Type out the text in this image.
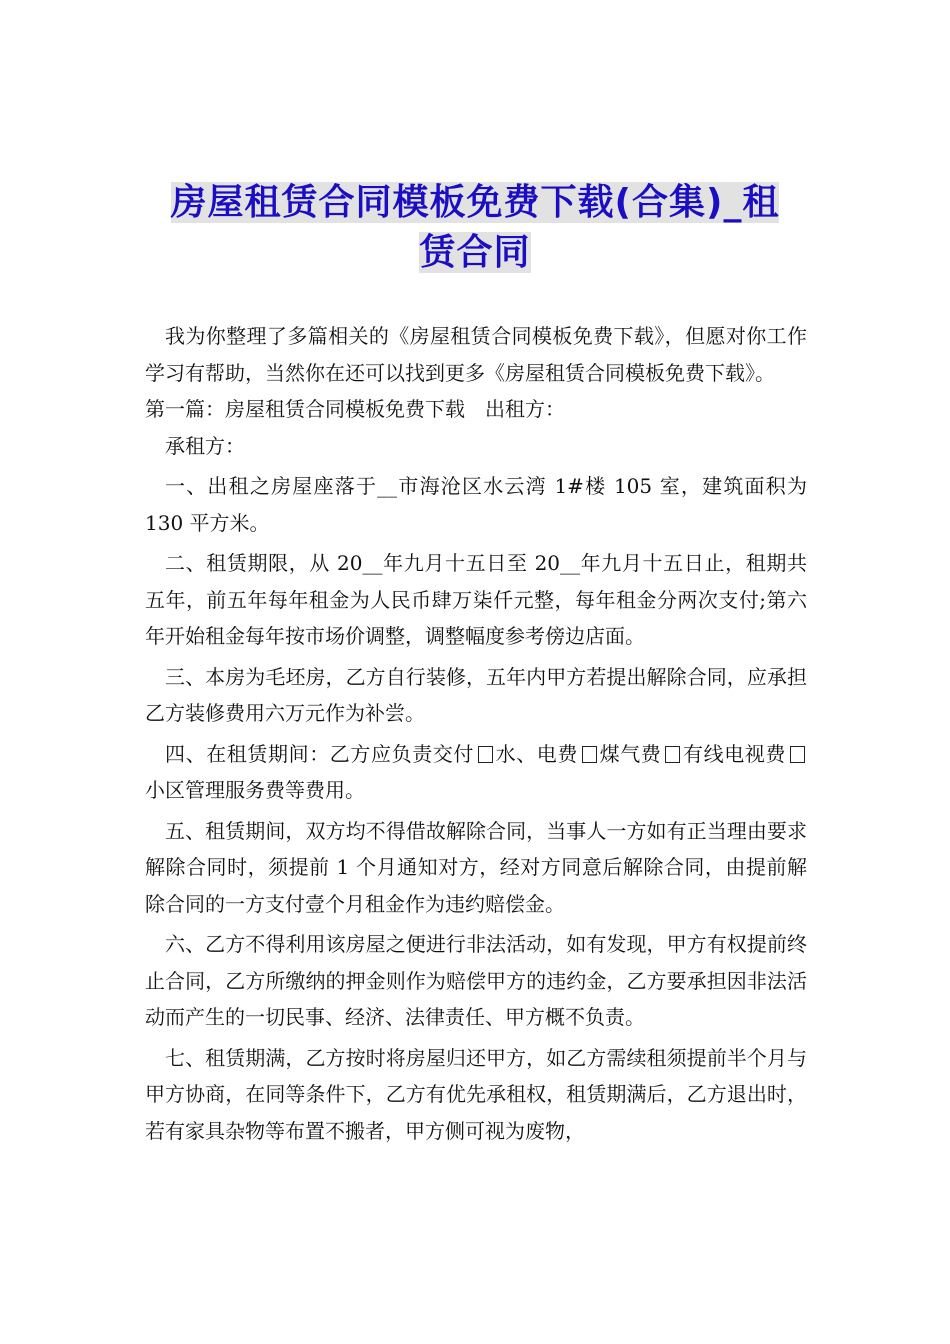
房屋租赁合同模板免费下载(合集)_租
赁合同

我为你整理了多篇相关的《房屋租赁合同模板免费下载》，但愿对你工作学习有帮助，当然你在还可以找到更多《房屋租赁合同模板免费下载》。

第一篇：房屋租赁合同模板免费下载　出租方：

承租方：

一、出租之房屋座落于__市海沧区水云湾 1#楼 105 室，建筑面积为 130 平方米。

二、租赁期限，从 20__年九月十五日至 20__年九月十五日止，租期共五年，前五年每年租金为人民币肆万柒仟元整，每年租金分两次支付;第六年开始租金每年按市场价调整，调整幅度参考傍边店面。

三、本房为毛坯房，乙方自行装修，五年内甲方若提出解除合同，应承担乙方装修费用六万元作为补尝。

四、在租赁期间：乙方应负责交付 水、电费 煤气费 有线电视费小区管理服务费等费用。

五、租赁期间，双方均不得借故解除合同，当事人一方如有正当理由要求解除合同时，须提前 1 个月通知对方，经对方同意后解除合同，由提前解除合同的一方支付壹个月租金作为违约赔偿金。

六、乙方不得利用该房屋之便进行非法活动，如有发现，甲方有权提前终止合同，乙方所缴纳的押金则作为赔偿甲方的违约金，乙方要承担因非法活动而产生的一切民事、经济、法律责任、甲方概不负责。

七、租赁期满，乙方按时将房屋归还甲方，如乙方需续租须提前半个月与甲方协商，在同等条件下，乙方有优先承租权，租赁期满后，乙方退出时，若有家具杂物等布置不搬者，甲方侧可视为废物，
